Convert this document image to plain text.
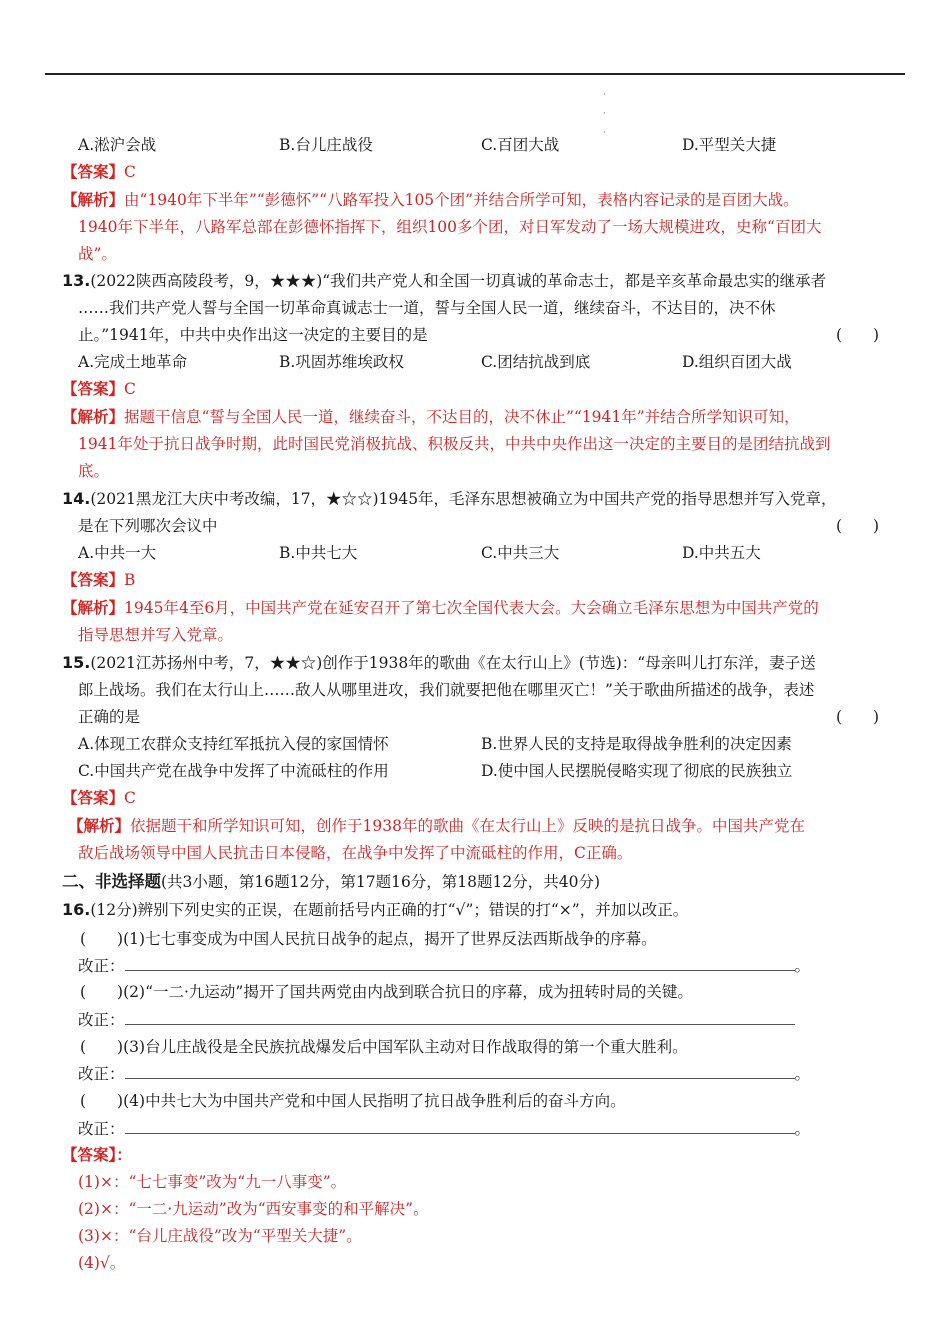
·
·
·
A.淞沪会战	B.台儿庄战役	C.百团大战	D.平型关大捷
【答案】C
【解析】由“1940年下半年”“彭德怀”“八路军投入105个团”并结合所学可知，表格内容记录的是百团大战。
1940年下半年，八路军总部在彭德怀指挥下，组织100多个团，对日军发动了一场大规模进攻，史称“百团大
战”。
13.(2022陕西高陵段考，9，★★★)“我们共产党人和全国一切真诚的革命志士，都是辛亥革命最忠实的继承者
……我们共产党人誓与全国一切革命真诚志士一道，誓与全国人民一道，继续奋斗，不达目的，决不休
止。”1941年，中共中央作出这一决定的主要目的是	(　　)
A.完成土地革命	B.巩固苏维埃政权	C.团结抗战到底	D.组织百团大战
【答案】C
【解析】据题干信息“誓与全国人民一道，继续奋斗，不达目的，决不休止”“1941年”并结合所学知识可知，
1941年处于抗日战争时期，此时国民党消极抗战、积极反共，中共中央作出这一决定的主要目的是团结抗战到
底。
14.(2021黑龙江大庆中考改编，17，★☆☆)1945年，毛泽东思想被确立为中国共产党的指导思想并写入党章，
是在下列哪次会议中	(　　)
A.中共一大	B.中共七大	C.中共三大	D.中共五大
【答案】B
【解析】1945年4至6月，中国共产党在延安召开了第七次全国代表大会。大会确立毛泽东思想为中国共产党的
指导思想并写入党章。
15.(2021江苏扬州中考，7，★★☆)创作于1938年的歌曲《在太行山上》(节选)：“母亲叫儿打东洋，妻子送
郎上战场。我们在太行山上……敌人从哪里进攻，我们就要把他在哪里灭亡！”关于歌曲所描述的战争，表述
正确的是	(　　)
A.体现工农群众支持红军抵抗入侵的家国情怀	B.世界人民的支持是取得战争胜利的决定因素
C.中国共产党在战争中发挥了中流砥柱的作用	D.使中国人民摆脱侵略实现了彻底的民族独立
【答案】C
【解析】依据题干和所学知识可知，创作于1938年的歌曲《在太行山上》反映的是抗日战争。中国共产党在
敌后战场领导中国人民抗击日本侵略，在战争中发挥了中流砥柱的作用，C正确。
二、非选择题(共3小题，第16题12分，第17题16分，第18题12分，共40分)
16.(12分)辨别下列史实的正误，在题前括号内正确的打“√”；错误的打“×”，并加以改正。
(　　)(1)七七事变成为中国人民抗日战争的起点，揭开了世界反法西斯战争的序幕。
改正：	。
(　　)(2)“一二·九运动”揭开了国共两党由内战到联合抗日的序幕，成为扭转时局的关键。
改正：
(　　)(3)台儿庄战役是全民族抗战爆发后中国军队主动对日作战取得的第一个重大胜利。
改正：	。
(　　)(4)中共七大为中国共产党和中国人民指明了抗日战争胜利后的奋斗方向。
改正：	。
【答案】：
(1)×：“七七事变”改为“九一八事变”。
(2)×：“一二·九运动”改为“西安事变的和平解决”。
(3)×：“台儿庄战役”改为“平型关大捷”。
(4)√。
